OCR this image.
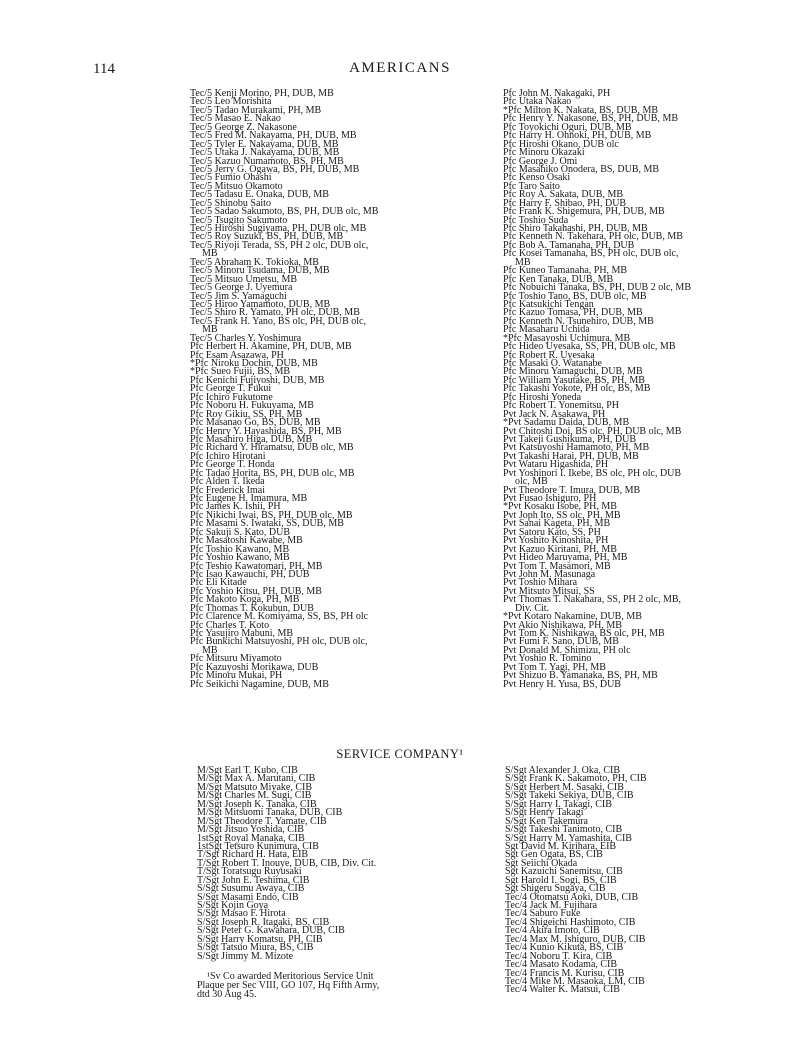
114	AMERICANS
Tec/5 Kenji Morino, PH, DUB, MB
Tec/5 Leo Morishita
Tec/5 Tadao Murakami, PH, MB
Tec/5 Masao E. Nakao
Tec/5 George Z. Nakasone
Tec/5 Fred M. Nakayama, PH, DUB, MB
Tec/5 Tyler E. Nakayama, DUB, MB
Tec/5 Utaka J. Nakayama, DUB, MB
Tec/5 Kazuo Numamoto, BS, PH, MB
Tec/5 Jerry G. Ogawa, BS, PH, DUB, MB
Tec/5 Fumio Ohashi
Tec/5 Mitsuo Okamoto
Tec/5 Tadasu E. Onaka, DUB, MB
Tec/5 Shinobu Saito
Tec/5 Sadao Sakumoto, BS, PH, DUB olc, MB
Tec/5 Tsugito Sakumoto
Tec/5 Hiroshi Sugiyama, PH, DUB olc, MB
Tec/5 Roy Suzuki, BS, PH, DUB, MB
Tec/5 Riyoji Terada, SS, PH 2 olc, DUB olc,
MB
Tec/5 Abraham K. Tokioka, MB
Tec/5 Minoru Tsudama, DUB, MB
Tec/5 Mitsuo Umetsu, MB
Tec/5 George J. Uyemura
Tec/5 Jim S. Yamaguchi
Tec/5 Hiroo Yamamoto, DUB, MB
Tec/5 Shiro R. Yamato, PH olc, DUB, MB
Tec/5 Frank H. Yano, BS olc, PH, DUB olc,
MB
Tec/5 Charles Y. Yoshimura
Pfc Herbert H. Akamine, PH, DUB, MB
Pfc Esam Asazawa, PH
*Pfc Niroku Dochin, DUB, MB
*Pfc Sueo Fujii, BS, MB
Pfc Kenichi Fujiyoshi, DUB, MB
Pfc George T. Fukui
Pfc Ichiro Fukutome
Pfc Noboru H. Fukuyama, MB
Pfc Roy Gikiu, SS, PH, MB
Pfc Masanao Go, BS, DUB, MB
Pfc Henry Y. Hayashida, BS, PH, MB
Pfc Masahiro Higa, DUB, MB
Pfc Richard Y. Hiramatsu, DUB olc, MB
Pfc Ichiro Hirotani
Pfc George T. Honda
Pfc Tadao Horita, BS, PH, DUB olc, MB
Pfc Alden T. Ikeda
Pfc Frederick Imai
Pfc Eugene H. Imamura, MB
Pfc James K. Ishii, PH
Pfc Nikichi Iwai, BS, PH, DUB olc, MB
Pfc Masami S. Iwataki, SS, DUB, MB
Pfc Sakuji S. Kato, DUB
Pfc Masatoshi Kawabe, MB
Pfc Toshio Kawano, MB
Pfc Yoshio Kawano, MB
Pfc Teshio Kawatomari, PH, MB
Pfc Isao Kawauchi, PH, DUB
Pfc Eli Kitade
Pfc Yoshio Kitsu, PH, DUB, MB
Pfc Makoto Koga, PH, MB
Pfc Thomas T. Kokubun, DUB
Pfc Clarence M. Komiyama, SS, BS, PH olc
Pfc Charles T. Koto
Pfc Yasujiro Mabuni, MB
Pfc Bunkichi Matsuyoshi, PH olc, DUB olc,
MB
Pfc Mitsuru Miyamoto
Pfc Kazuyoshi Morikawa, DUB
Pfc Minoru Mukai, PH
Pfc Seikichi Nagamine, DUB, MB
Pfc John M. Nakagaki, PH
Pfc Utaka Nakao
*Pfc Milton K. Nakata, BS, DUB, MB
Pfc Henry Y. Nakasone, BS, PH, DUB, MB
Pfc Toyokichi Oguri, DUB, MB
Pfc Harry H. Ohnoki, PH, DUB, MB
Pfc Hiroshi Okano, DUB olc
Pfc Minoru Okazaki
Pfc George J. Omi
Pfc Masahiko Onodera, BS, DUB, MB
Pfc Kenso Osaki
Pfc Taro Saito
Pfc Roy A. Sakata, DUB, MB
Pfc Harry F. Shibao, PH, DUB
Pfc Frank K. Shigemura, PH, DUB, MB
Pfc Toshio Suda
Pfc Shiro Takahashi, PH, DUB, MB
Pfc Kenneth N. Takehara, PH olc, DUB, MB
Pfc Bob A. Tamanaha, PH, DUB
Pfc Kosei Tamanaha, BS, PH olc, DUB olc,
MB
Pfc Kuneo Tamanaha, PH, MB
Pfc Ken Tanaka, DUB, MB
Pfc Nobuichi Tanaka, BS, PH, DUB 2 olc, MB
Pfc Toshio Tano, BS, DUB olc, MB
Pfc Katsukichi Tengan
Pfc Kazuo Tomasa, PH, DUB, MB
Pfc Kenneth N. Tsunehiro, DUB, MB
Pfc Masaharu Uchida
*Pfc Masayoshi Uchimura, MB
Pfc Hideo Uyesaka, SS, PH, DUB olc, MB
Pfc Robert R. Uyesaka
Pfc Masaki O. Watanabe
Pfc Minoru Yamaguchi, DUB, MB
Pfc William Yasutake, BS, PH, MB
Pfc Takashi Yokote, PH olc, BS, MB
Pfc Hiroshi Yoneda
Pfc Robert T. Yonemitsu, PH
Pvt Jack N. Asakawa, PH
*Pvt Sadamu Daida, DUB, MB
Pvt Chitoshi Doi, BS olc, PH, DUB olc, MB
Pvt Takeji Gushikuma, PH, DUB
Pvt Katsuyoshi Hamamoto, PH, MB
Pvt Takashi Harai, PH, DUB, MB
Pvt Wataru Higashida, PH
Pvt Yoshinori I. Ikebe, BS olc, PH olc, DUB
olc, MB
Pvt Theodore T. Imura, DUB, MB
Pvt Fusao Ishiguro, PH
*Pvt Kosaku Isobe, PH, MB
Pvt Joph Ito, SS olc, PH, MB
Pvt Sanai Kageta, PH, MB
Pvt Satoru Kato, SS, PH
Pvt Yoshito Kinoshita, PH
Pvt Kazuo Kiritani, PH, MB
Pvt Hideo Maruyama, PH, MB
Pvt Tom T. Masamori, MB
Pvt John M. Masunaga
Pvt Toshio Mihara
Pvt Mitsuto Mitsui, SS
Pvt Thomas T. Nakahara, SS, PH 2 olc, MB,
Div. Cit.
*Pvt Kotaro Nakamine, DUB, MB
Pvt Akio Nishikawa, PH, MB
Pvt Tom K. Nishikawa, BS olc, PH, MB
Pvt Fumi F. Sano, DUB, MB
Pvt Donald M. Shimizu, PH olc
Pvt Yoshio R. Tomino
Pvt Tom T. Yagi, PH, MB
Pvt Shizuo B. Yamanaka, BS, PH, MB
Pvt Henry H. Yusa, BS, DUB
SERVICE COMPANY¹
M/Sgt Earl T. Kubo, CIB
M/Sgt Max A. Marutani, CIB
M/Sgt Matsuto Miyake, CIB
M/Sgt Charles M. Sugi, CIB
M/Sgt Joseph K. Tanaka, CIB
M/Sgt Mitsuomi Tanaka, DUB, CIB
M/Sgt Theodore T. Yamate, CIB
M/Sgt Jitsuo Yoshida, CIB
1stSgt Royal Manaka, CIB
1stSgt Tetsuro Kunimura, CIB
T/Sgt Richard H. Hata, EIB
T/Sgt Robert T. Inouye, DUB, CIB, Div. Cit.
T/Sgt Toratsugu Ruyusaki
T/Sgt John E. Teshima, CIB
S/Sgt Susumu Awaya, CIB
S/Sgt Masami Endo, CIB
S/Sgt Kojin Goya
S/Sgt Masao F. Hirota
S/Sgt Joseph R. Itagaki, BS, CIB
S/Sgt Peter G. Kawahara, DUB, CIB
S/Sgt Harry Komatsu, PH, CIB
S/Sgt Tatsuo Miura, BS, CIB
S/Sgt Jimmy M. Mizote
S/Sgt Alexander J. Oka, CIB
S/Sgt Frank K. Sakamoto, PH, CIB
S/Sgt Herbert M. Sasaki, CIB
S/Sgt Takeki Sekiya, DUB, CIB
S/Sgt Harry I. Takagi, CIB
S/Sgt Henry Takagi
S/Sgt Ken Takemura
S/Sgt Takeshi Tanimoto, CIB
S/Sgt Harry M. Yamashita, CIB
Sgt David M. Kirihara, EIB
Sgt Gen Ogata, BS, CIB
Sgt Seiichi Okada
Sgt Kazuichi Sanemitsu, CIB
Sgt Harold I. Sogi, BS, CIB
Sgt Shigeru Sugaya, CIB
Tec/4 Otomatsu Aoki, DUB, CIB
Tec/4 Jack M. Fujihara
Tec/4 Saburo Fuke
Tec/4 Shigeichi Hashimoto, CIB
Tec/4 Akira Imoto, CIB
Tec/4 Max M. Ishiguro, DUB, CIB
Tec/4 Kunio Kikuta, BS, CIB
Tec/4 Noboru T. Kira, CIB
Tec/4 Masato Kodama, CIB
Tec/4 Francis M. Kurisu, CIB
Tec/4 Mike M. Masaoka, LM, CIB
Tec/4 Walter K. Matsui, CIB
¹Sv Co awarded Meritorious Service Unit
Plaque per Sec VIII, GO 107, Hq Fifth Army,
dtd 30 Aug 45.
